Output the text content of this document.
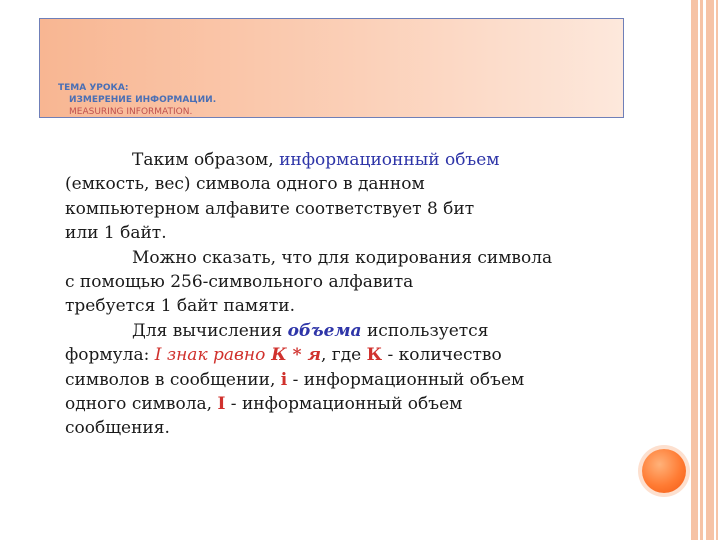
ТЕМА УРОКА:

ИЗМЕРЕНИЕ ИНФОРМАЦИИ.

MEASURING INFORMATION.

Таким образом, информационный объем

(емкость, вес) символа одного в данном

компьютерном алфавите соответствует 8 бит

или 1 байт.

Можно сказать, что для кодирования символа

с помощью 256-символьного алфавита

требуется 1 байт памяти.

Для вычисления объема используется

формула: I знак равно К * я, где К - количество

символов в сообщении, i - информационный объем

одного символа, I - информационный объем

сообщения.
